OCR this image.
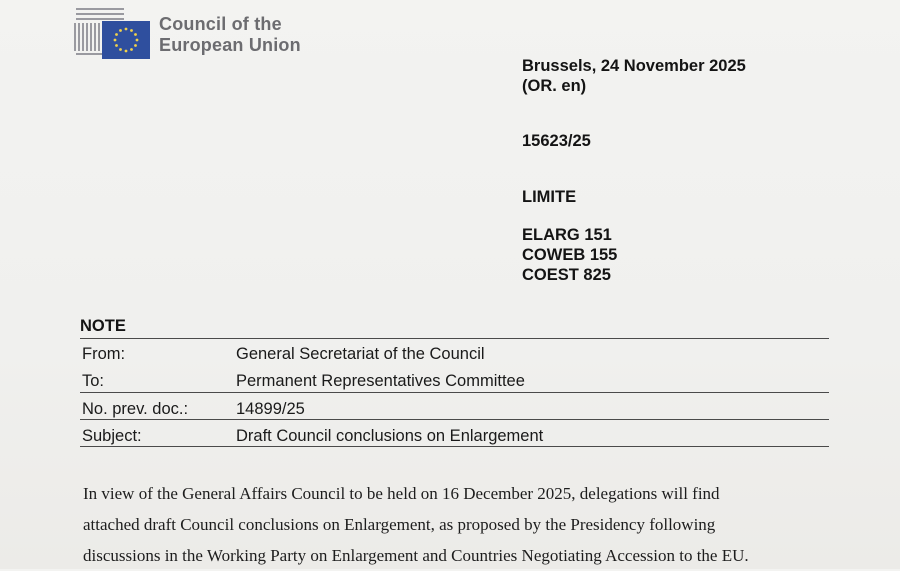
Council of the
European Union
Brussels, 24 November 2025
(OR. en)
15623/25
LIMITE
ELARG 151
COWEB 155
COEST 825
NOTE
From:	General Secretariat of the Council
To:	Permanent Representatives Committee
No. prev. doc.:	14899/25
Subject:	Draft Council conclusions on Enlargement
In view of the General Affairs Council to be held on 16 December 2025, delegations will find
attached draft Council conclusions on Enlargement, as proposed by the Presidency following
discussions in the Working Party on Enlargement and Countries Negotiating Accession to the EU.
